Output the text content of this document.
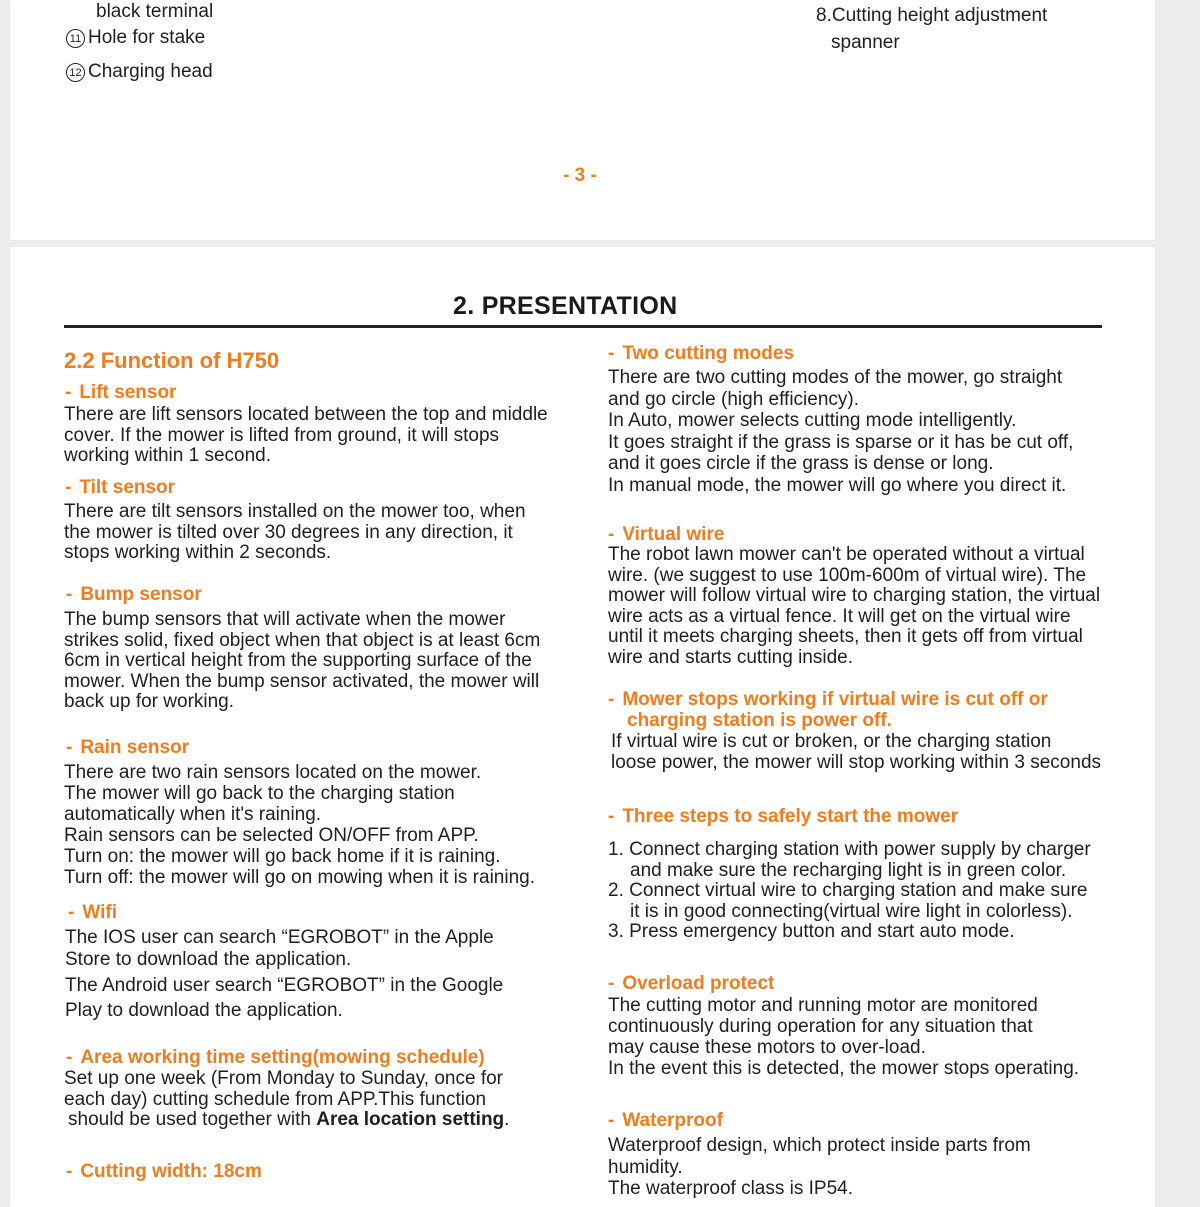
black terminal
11 Hole for stake
12 Charging head
8.Cutting height adjustment
spanner
- 3 -
2. PRESENTATION
2.2 Function of H750
- Lift sensor
There are lift sensors located between the top and middle
cover. If the mower is lifted from ground, it will stops
working within 1 second.
- Tilt sensor
There are tilt sensors installed on the mower too, when
the mower is tilted over 30 degrees in any direction, it
stops working within 2 seconds.
- Bump sensor
The bump sensors that will activate when the mower
strikes solid, fixed object when that object is at least 6cm
6cm in vertical height from the supporting surface of the
mower. When the bump sensor activated, the mower will
back up for working.
- Rain sensor
There are two rain sensors located on the mower.
The mower will go back to the charging station
automatically when it's raining.
Rain sensors can be selected ON/OFF from APP.
Turn on: the mower will go back home if it is raining.
Turn off: the mower will go on mowing when it is raining.
- Wifi
The IOS user can search “EGROBOT” in the Apple
Store to download the application.
The Android user search “EGROBOT” in the Google
Play to download the application.
- Area working time setting(mowing schedule)
Set up one week (From Monday to Sunday, once for
each day) cutting schedule from APP.This function
should be used together with Area location setting.
- Cutting width: 18cm
- Two cutting modes
There are two cutting modes of the mower, go straight
and go circle (high efficiency).
In Auto, mower selects cutting mode intelligently.
It goes straight if the grass is sparse or it has be cut off,
and it goes circle if the grass is dense or long.
In manual mode, the mower will go where you direct it.
- Virtual wire
The robot lawn mower can't be operated without a virtual
wire. (we suggest to use 100m-600m of virtual wire). The
mower will follow virtual wire to charging station, the virtual
wire acts as a virtual fence. It will get on the virtual wire
until it meets charging sheets, then it gets off from virtual
wire and starts cutting inside.
- Mower stops working if virtual wire is cut off or
charging station is power off.
If virtual wire is cut or broken, or the charging station
loose power, the mower will stop working within 3 seconds
- Three steps to safely start the mower
1. Connect charging station with power supply by charger
and make sure the recharging light is in green color.
2. Connect virtual wire to charging station and make sure
it is in good connecting(virtual wire light in colorless).
3. Press emergency button and start auto mode.
- Overload protect
The cutting motor and running motor are monitored
continuously during operation for any situation that
may cause these motors to over-load.
In the event this is detected, the mower stops operating.
- Waterproof
Waterproof design, which protect inside parts from
humidity.
The waterproof class is IP54.
